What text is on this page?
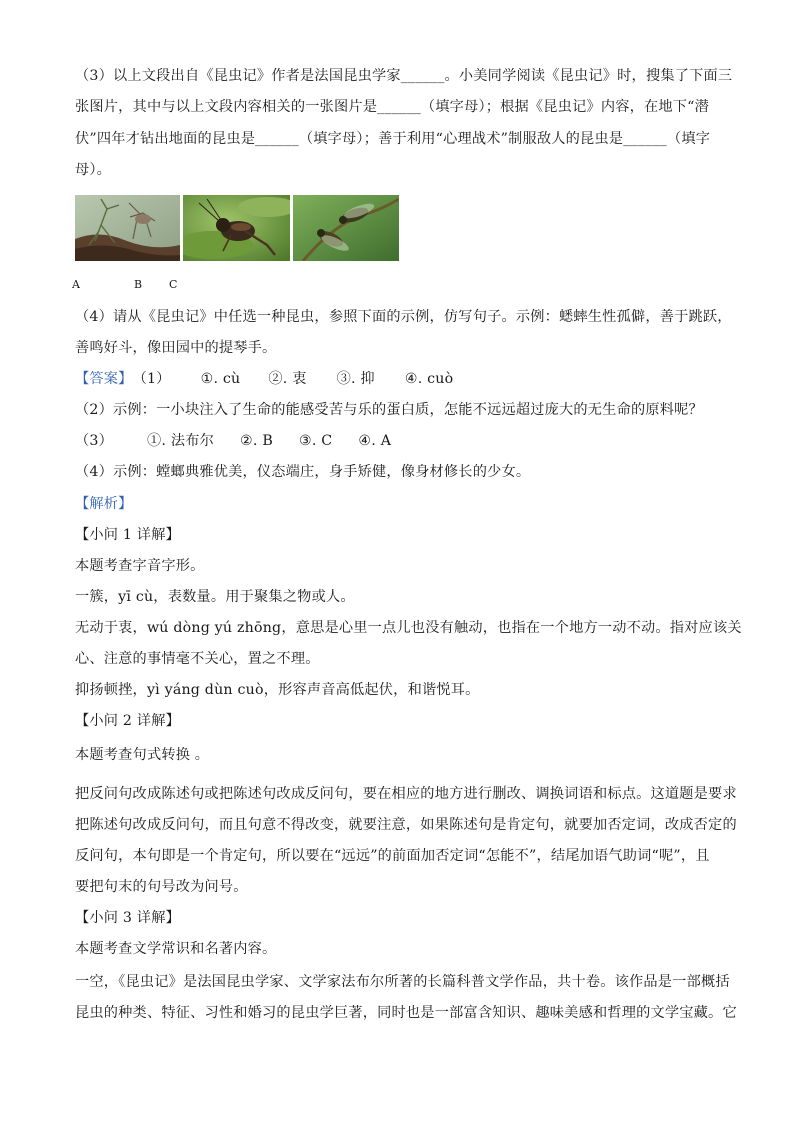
（3）以上文段出自《昆虫记》作者是法国昆虫学家______。小美同学阅读《昆虫记》时，搜集了下面三
张图片，其中与以上文段内容相关的一张图片是______（填字母）；根据《昆虫记》内容，在地下“潜
伏”四年才钻出地面的昆虫是______（填字母）；善于利用“心理战术”制服敌人的昆虫是______（填字
母）。
A	B C
（4）请从《昆虫记》中任选一种昆虫，参照下面的示例，仿写句子。示例：蟋蟀生性孤僻，善于跳跃，
善鸣好斗，像田园中的提琴手。
【答案】（1） ①. cù ②. 衷 ③. 抑 ④. cuò
（2）示例：一小块注入了生命的能感受苦与乐的蛋白质，怎能不远远超过庞大的无生命的原料呢？
（3） ①. 法布尔 ②. B ③. C ④. A
（4）示例：螳螂典雅优美，仪态端庄，身手矫健，像身材修长的少女。
【解析】
【小问 1 详解】
本题考查字音字形。
一簇，yī cù，表数量。用于聚集之物或人。
无动于衷，wú dòng yú zhōng，意思是心里一点儿也没有触动，也指在一个地方一动不动。指对应该关
心、注意的事情毫不关心，置之不理。
抑扬顿挫，yì yáng dùn cuò，形容声音高低起伏，和谐悦耳。
【小问 2 详解】
本题考查句式转换 。
把反问句改成陈述句或把陈述句改成反问句，要在相应的地方进行删改、调换词语和标点。这道题是要求
把陈述句改成反问句，而且句意不得改变，就要注意，如果陈述句是肯定句，就要加否定词，改成否定的
反问句，本句即是一个肯定句，所以要在“远远”的前面加否定词“怎能不”，结尾加语气助词“呢”，且
要把句末的句号改为问号。
【小问 3 详解】
本题考查文学常识和名著内容。
一空，《昆虫记》是法国昆虫学家、文学家法布尔所著的长篇科普文学作品，共十卷。该作品是一部概括
昆虫的种类、特征、习性和婚习的昆虫学巨著，同时也是一部富含知识、趣味美感和哲理的文学宝藏。它
